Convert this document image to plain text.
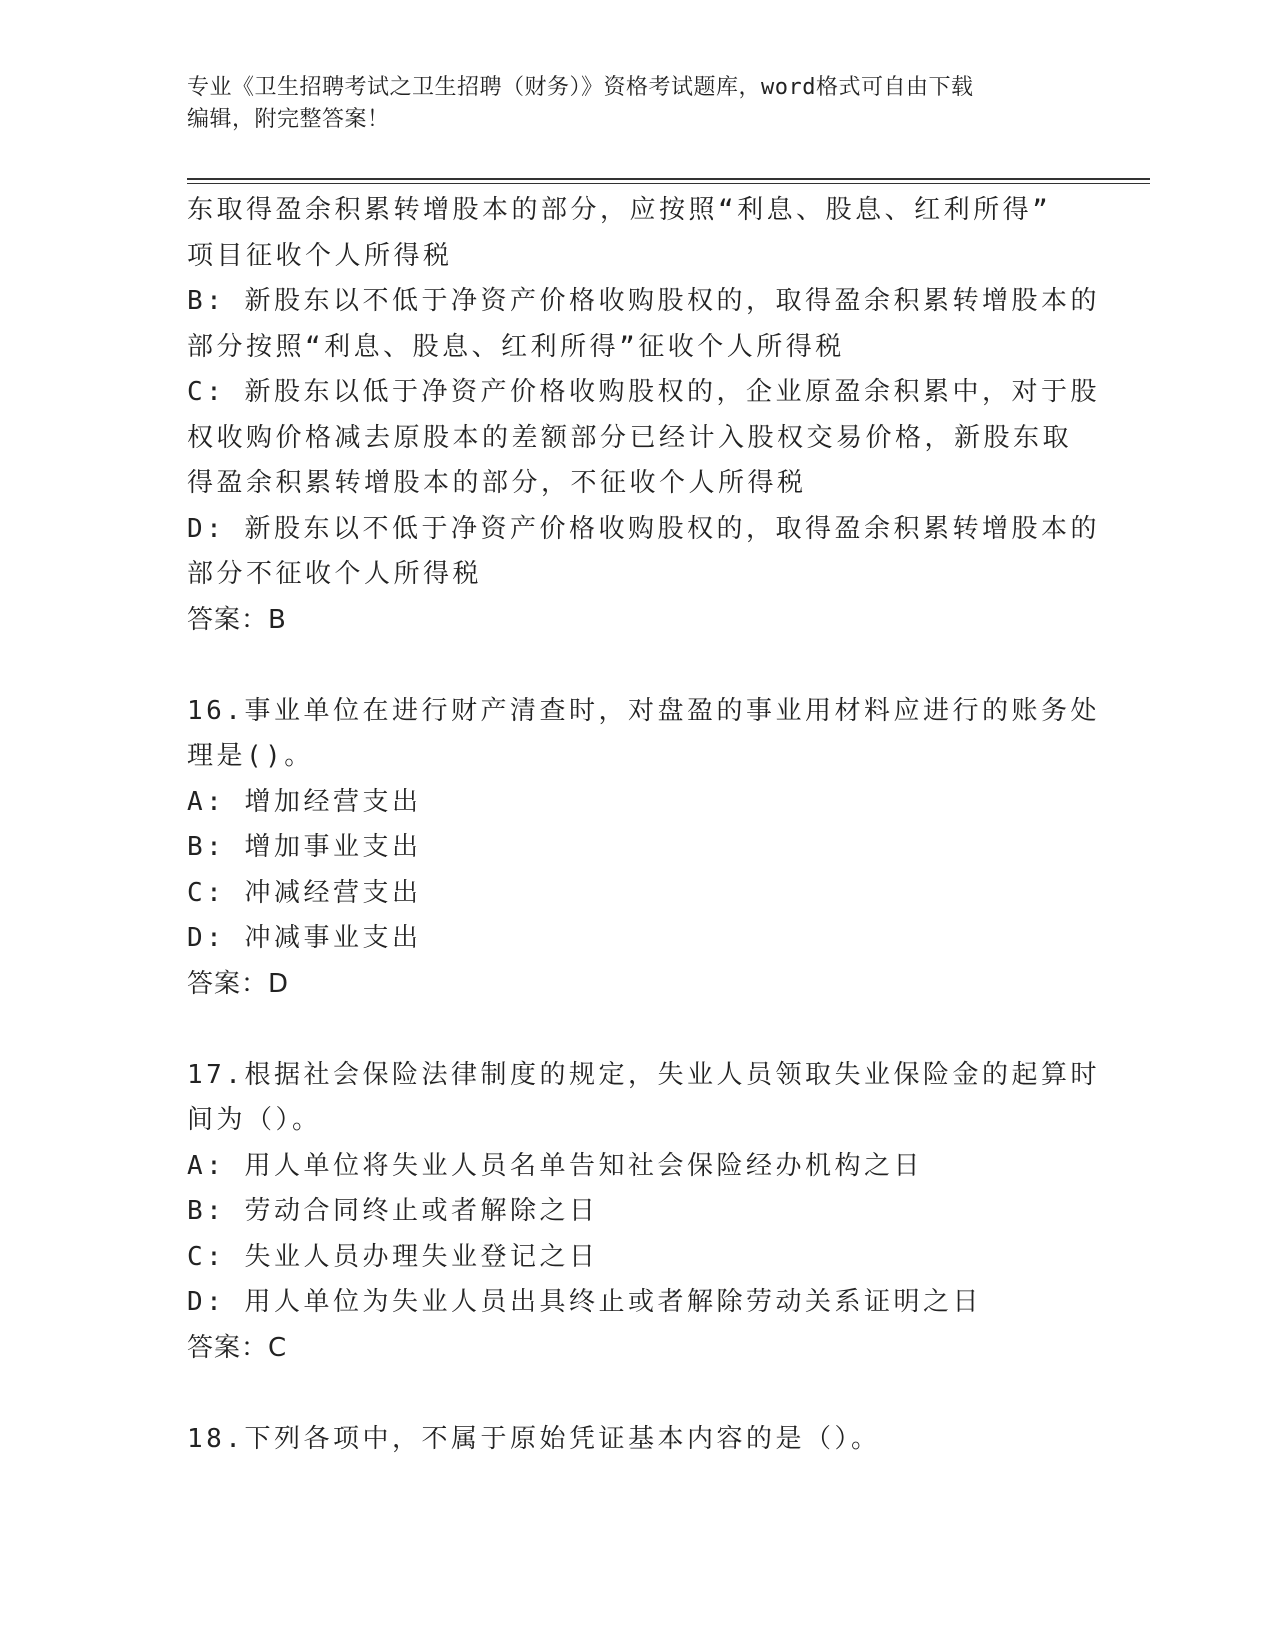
专业《卫生招聘考试之卫生招聘（财务）》资格考试题库，word格式可自由下载
编辑，附完整答案！
东取得盈余积累转增股本的部分，应按照“利息、股息、红利所得”
项目征收个人所得税
B: 新股东以不低于净资产价格收购股权的，取得盈余积累转增股本的
部分按照“利息、股息、红利所得”征收个人所得税
C: 新股东以低于净资产价格收购股权的，企业原盈余积累中，对于股
权收购价格减去原股本的差额部分已经计入股权交易价格，新股东取
得盈余积累转增股本的部分，不征收个人所得税
D: 新股东以不低于净资产价格收购股权的，取得盈余积累转增股本的
部分不征收个人所得税
答案：B
16.事业单位在进行财产清查时，对盘盈的事业用材料应进行的账务处
理是()。
A: 增加经营支出
B: 增加事业支出
C: 冲减经营支出
D: 冲减事业支出
答案：D
17.根据社会保险法律制度的规定，失业人员领取失业保险金的起算时
间为（）。
A: 用人单位将失业人员名单告知社会保险经办机构之日
B: 劳动合同终止或者解除之日
C: 失业人员办理失业登记之日
D: 用人单位为失业人员出具终止或者解除劳动关系证明之日
答案：C
18.下列各项中，不属于原始凭证基本内容的是（）。
